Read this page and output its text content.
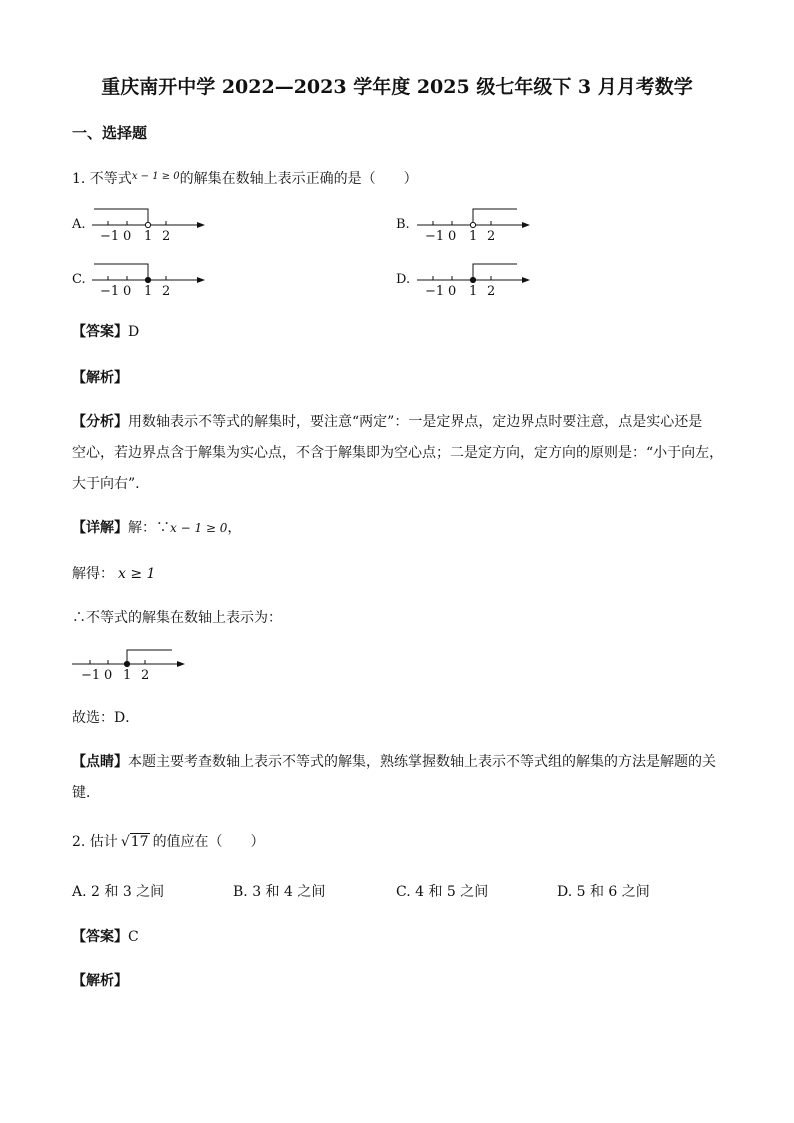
重庆南开中学 2022—2023 学年度 2025 级七年级下 3 月月考数学
一、选择题
1. 不等式$^{x - 1 \ge 0}$的解集在数轴上表示正确的是（　　）
A.	B.
C.	D.
−1 0 1 2	−1 0 1 2
−1 0 1 2	−1 0 1 2
【答案】D
【解析】
【分析】用数轴表示不等式的解集时，要注意“两定”：一是定界点，定边界点时要注意，点是实心还是
空心，若边界点含于解集为实心点，不含于解集即为空心点；二是定方向，定方向的原则是：“小于向左，
大于向右”.
【详解】解：∵x − 1 ≥ 0，
解得： x ≥ 1
∴不等式的解集在数轴上表示为：
−1 0 1 2
故选：D．
【点睛】本题主要考查数轴上表示不等式的解集，熟练掌握数轴上表示不等式组的解集的方法是解题的关
键．
2. 估计 √17 的值应在（　　）
A. 2 和 3 之间	B. 3 和 4 之间	C. 4 和 5 之间	D. 5 和 6 之间
【答案】C
【解析】
